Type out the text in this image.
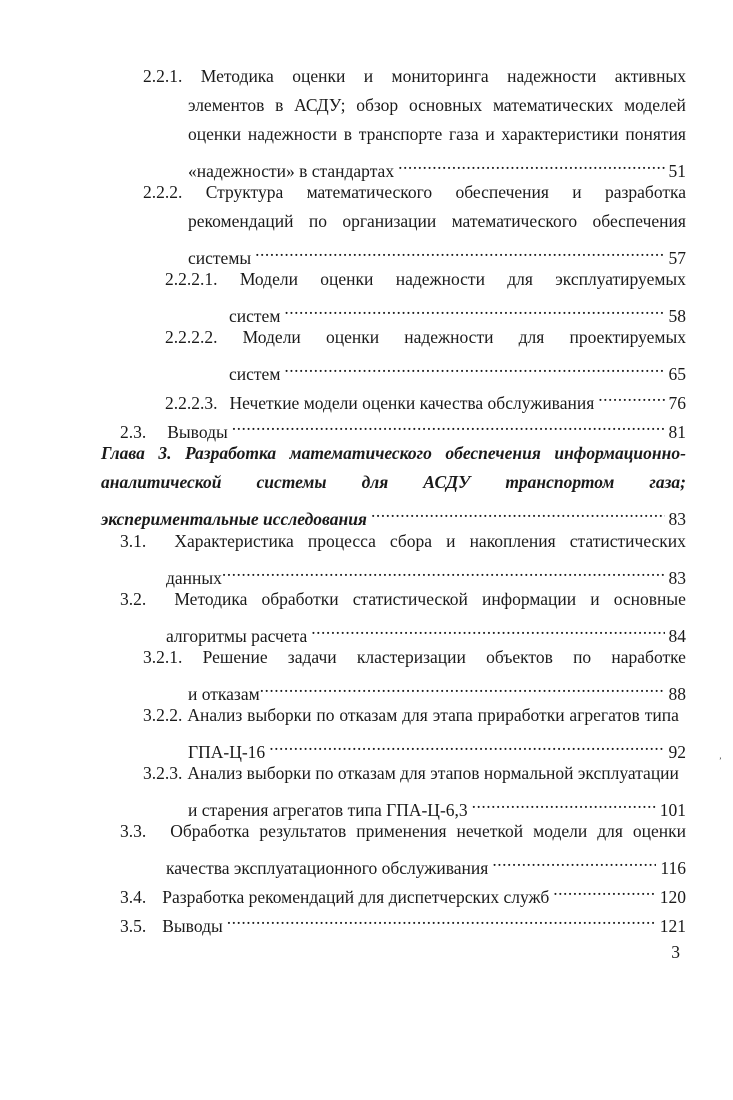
2.2.1. Методика оценки и мониторинга надежности активных
элементов в АСДУ; обзор основных математических моделей
оценки надежности в транспорте газа и характеристики понятия
«надежности» в стандартах .....	51
2.2.2. Структура математического обеспечения и разработка
рекомендаций по организации математического обеспечения
системы .....	57
2.2.2.1. Модели оценки надежности для эксплуатируемых
систем .....	58
2.2.2.2. Модели оценки надежности для проектируемых
систем .....	65
2.2.2.3. Нечеткие модели оценки качества обслуживания .....	76
2.3. Выводы .....	81
Глава 3. Разработка математического обеспечения информационно-
аналитической системы для АСДУ транспортом газа;
экспериментальные исследования .....	83
3.1. Характеристика процесса сбора и накопления статистических
данных .....	83
3.2. Методика обработки статистической информации и основные
алгоритмы расчета .....	84
3.2.1. Решение задачи кластеризации объектов по наработке
и отказам .....	88
3.2.2. Анализ выборки по отказам для этапа приработки агрегатов типа
ГПА-Ц-16 .....	92
3.2.3. Анализ выборки по отказам для этапов нормальной эксплуатации
и старения агрегатов типа ГПА-Ц-6,3 .....	101
3.3. Обработка результатов применения нечеткой модели для оценки
качества эксплуатационного обслуживания .....	116
3.4. Разработка рекомендаций для диспетчерских служб .....	120
3.5. Выводы .....	121
3
ʼ
